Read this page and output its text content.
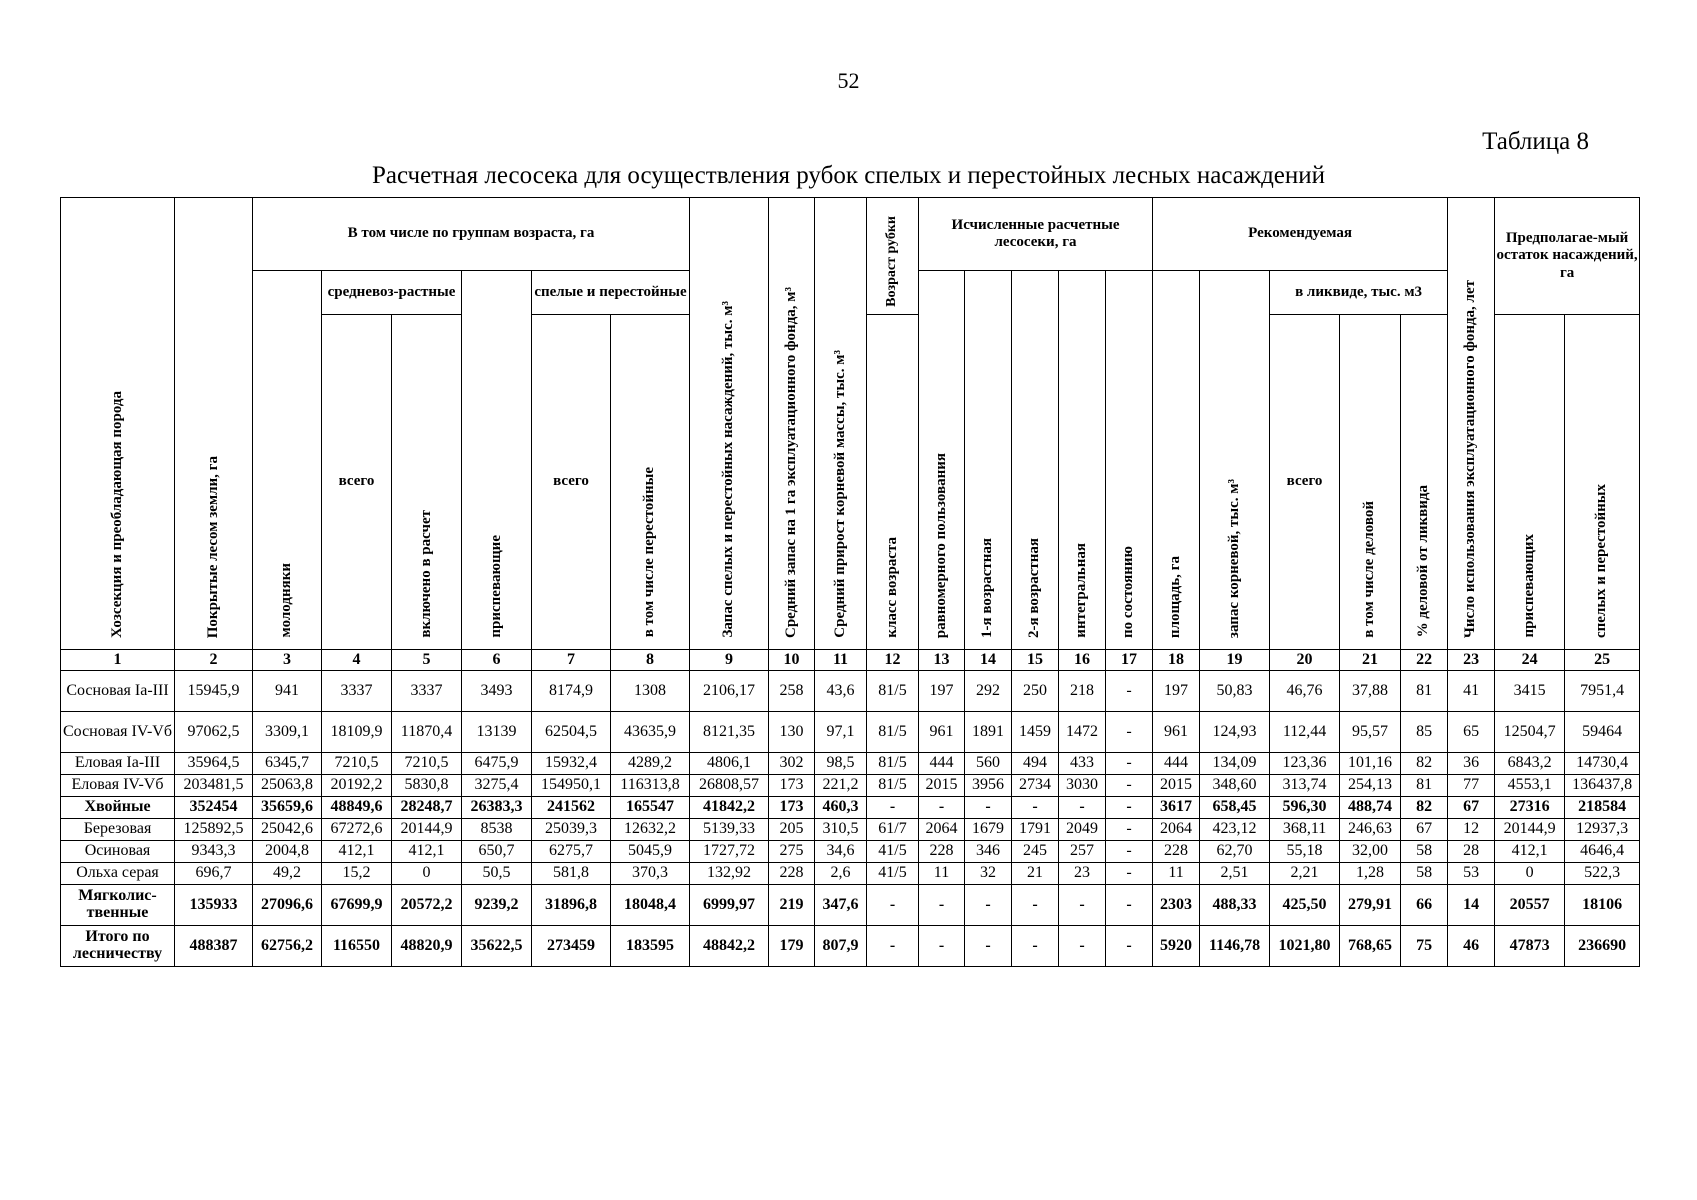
52
Таблица 8
Расчетная лесосека для осуществления рубок спелых и перестойных лесных насаждений
Хозсекция и преобладающая порода	Покрытые лесом земли, га	В том числе по группам возраста, га						Запас спелых и перестойных насаждений, тыс. м³	Средний запас на 1 га эксплуатационного фонда, м³	Средний прирост корневой массы, тыс. м³	Возраст рубки	Исчисленные расчетные лесосеки, га					Рекомендуемая					Число использования эксплуатационного фонда, лет	Предполагае-мый остаток насаждений, га	
		молодняки	средневоз-растные		приспевающие	спелые и перестойные						равномерного пользования	1-я возрастная	2-я возрастная	интегральная	по состоянию	площадь, га	запас корневой, тыс. м³	в ликвиде, тыс. м3					
			всего	включено в расчет		всего	в том числе перестойные				класс возраста								всего	в том числе деловой	% деловой от ликвида		приспевающих	спелых и перестойных
1	2	3	4	5	6	7	8	9	10	11	12	13	14	15	16	17	18	19	20	21	22	23	24	25
Сосновая Iа-III	15945,9	941	3337	3337	3493	8174,9	1308	2106,17	258	43,6	81/5	197	292	250	218	-	197	50,83	46,76	37,88	81	41	3415	7951,4
Сосновая IV-Vб	97062,5	3309,1	18109,9	11870,4	13139	62504,5	43635,9	8121,35	130	97,1	81/5	961	1891	1459	1472	-	961	124,93	112,44	95,57	85	65	12504,7	59464
Еловая Iа-III	35964,5	6345,7	7210,5	7210,5	6475,9	15932,4	4289,2	4806,1	302	98,5	81/5	444	560	494	433	-	444	134,09	123,36	101,16	82	36	6843,2	14730,4
Еловая IV-Vб	203481,5	25063,8	20192,2	5830,8	3275,4	154950,1	116313,8	26808,57	173	221,2	81/5	2015	3956	2734	3030	-	2015	348,60	313,74	254,13	81	77	4553,1	136437,8
Хвойные	352454	35659,6	48849,6	28248,7	26383,3	241562	165547	41842,2	173	460,3	-	-	-	-	-	-	3617	658,45	596,30	488,74	82	67	27316	218584
Березовая	125892,5	25042,6	67272,6	20144,9	8538	25039,3	12632,2	5139,33	205	310,5	61/7	2064	1679	1791	2049	-	2064	423,12	368,11	246,63	67	12	20144,9	12937,3
Осиновая	9343,3	2004,8	412,1	412,1	650,7	6275,7	5045,9	1727,72	275	34,6	41/5	228	346	245	257	-	228	62,70	55,18	32,00	58	28	412,1	4646,4
Ольха серая	696,7	49,2	15,2	0	50,5	581,8	370,3	132,92	228	2,6	41/5	11	32	21	23	-	11	2,51	2,21	1,28	58	53	0	522,3
Мягколис-твенные	135933	27096,6	67699,9	20572,2	9239,2	31896,8	18048,4	6999,97	219	347,6	-	-	-	-	-	-	2303	488,33	425,50	279,91	66	14	20557	18106
Итого по лесничеству	488387	62756,2	116550	48820,9	35622,5	273459	183595	48842,2	179	807,9	-	-	-	-	-	-	5920	1146,78	1021,80	768,65	75	46	47873	236690
